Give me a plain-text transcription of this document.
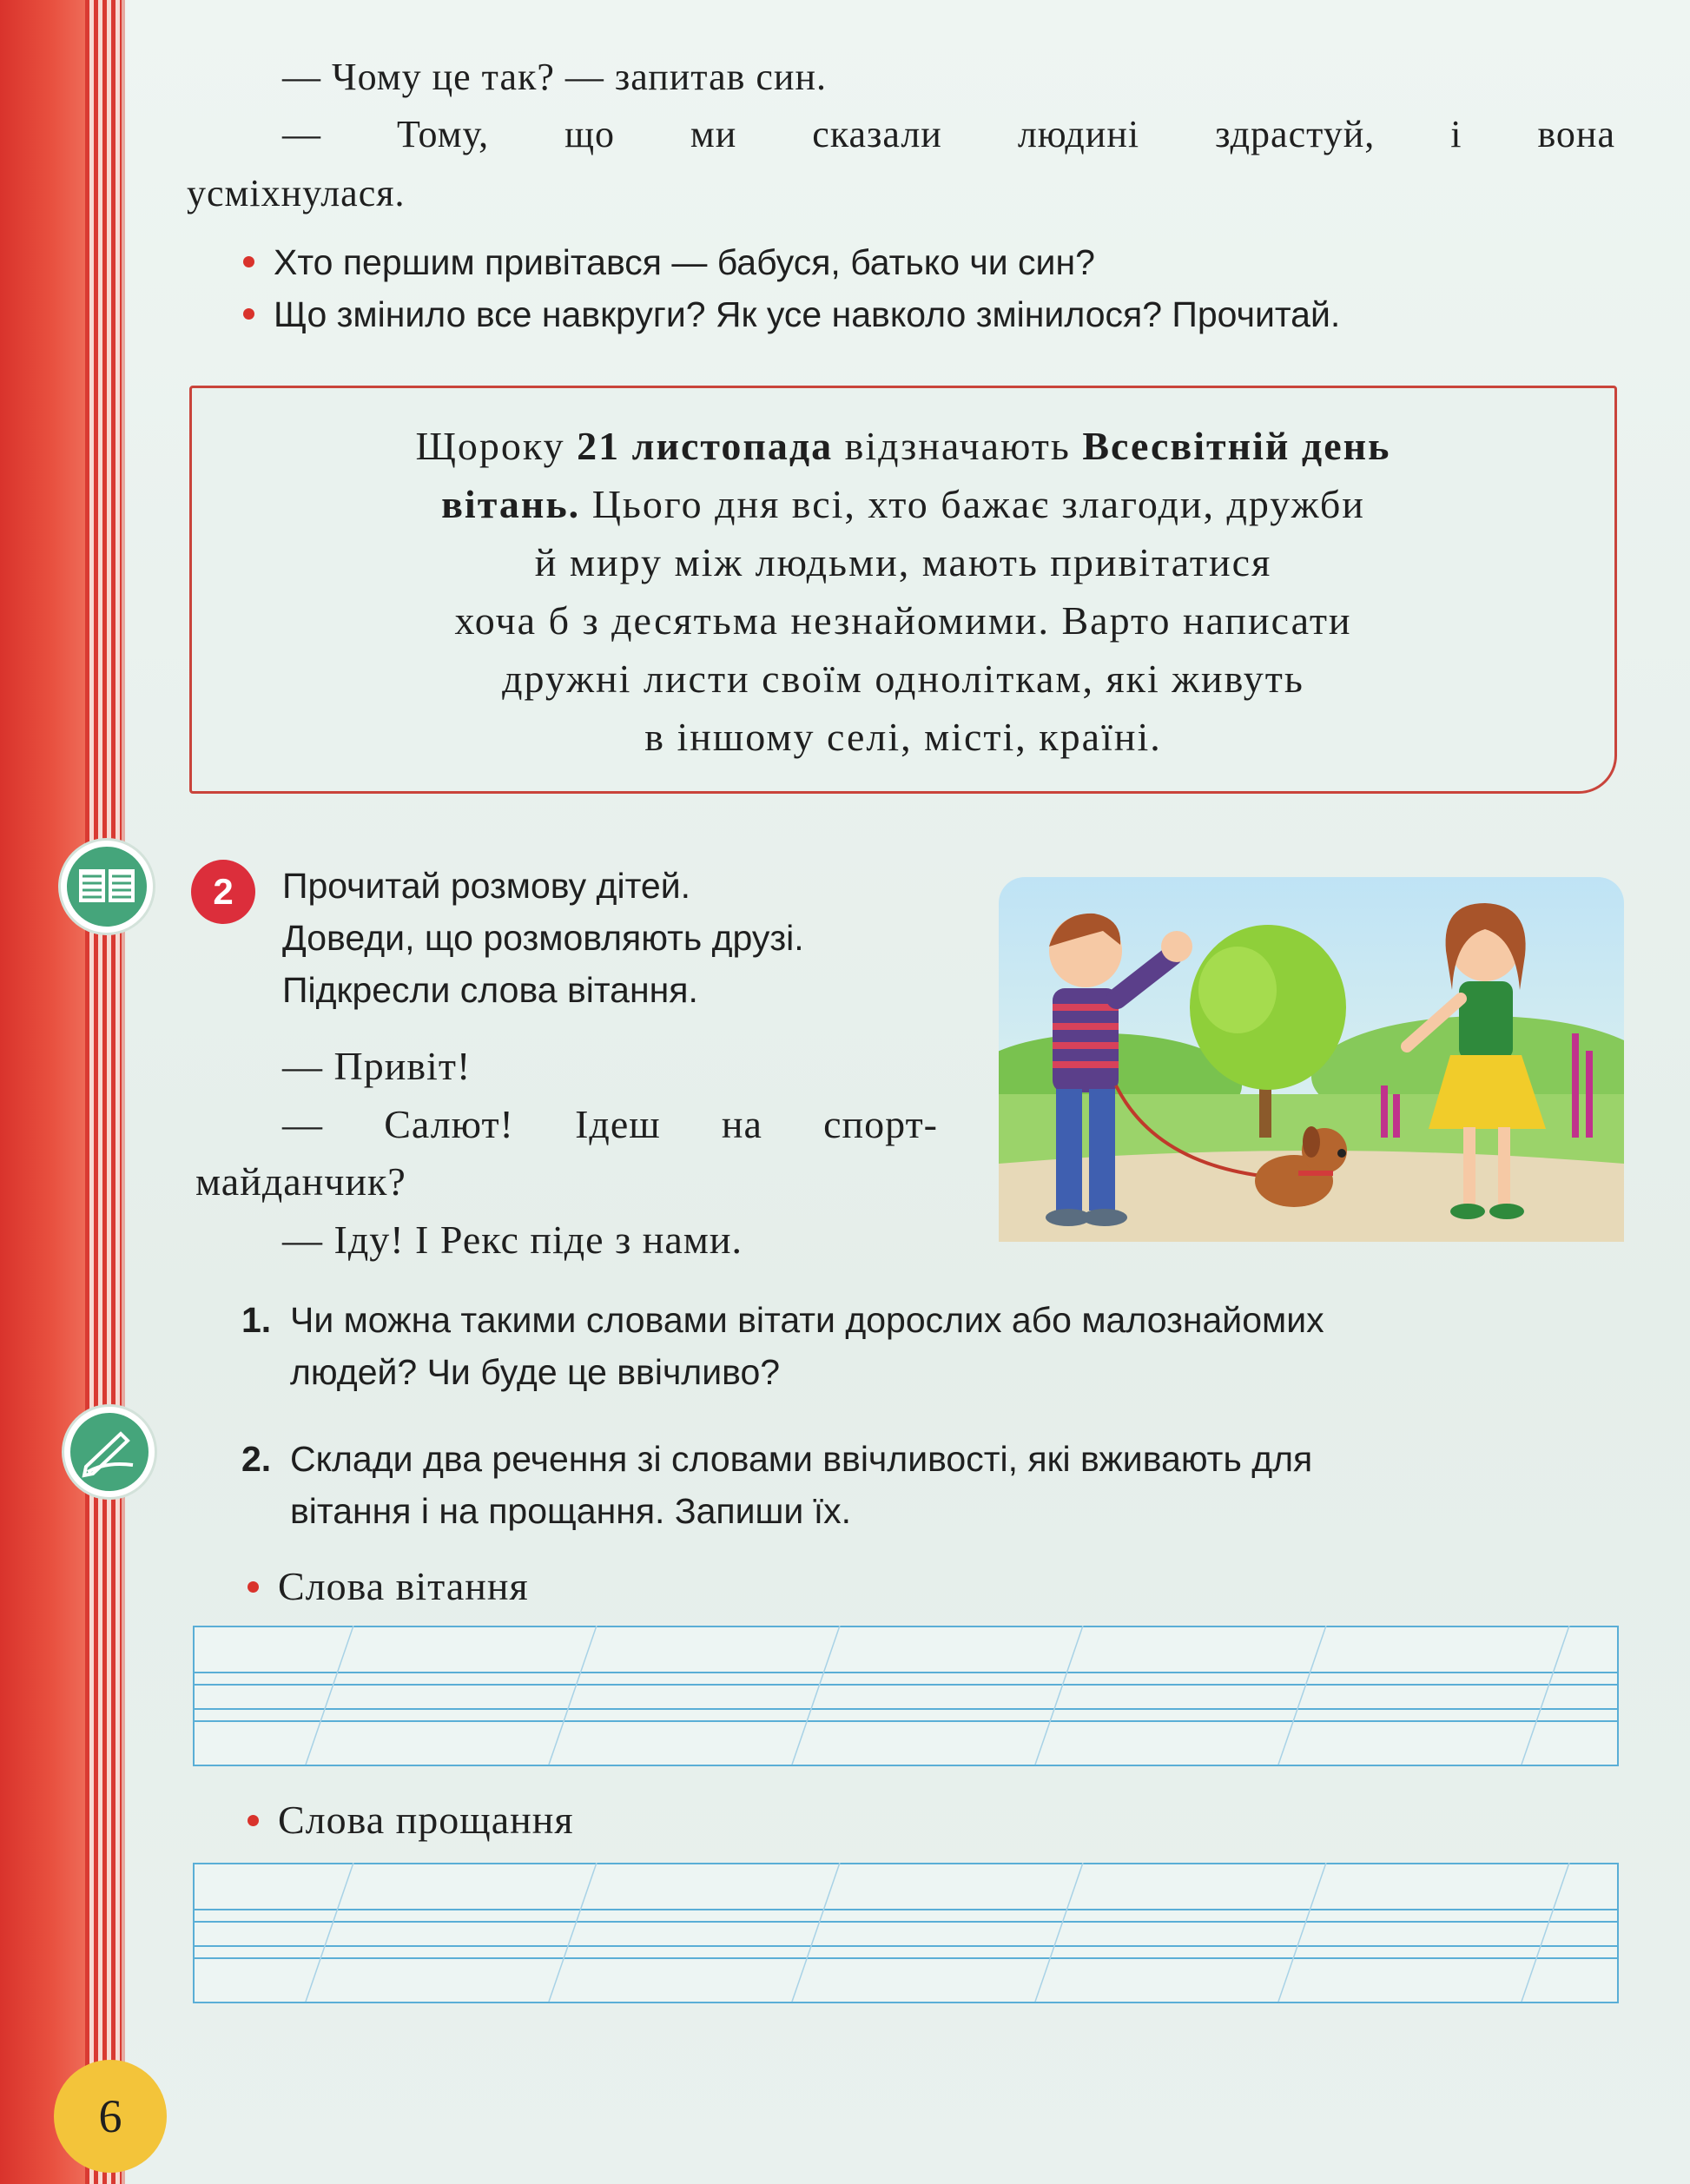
— Чому це так? — запитав син.
— Тому, що ми сказали людині здрастуй, і вона
усміхнулася.
Хто першим привітався — бабуся, батько чи син?
Що змінило все навкруги? Як усе навколо змінилося? Прочитай.
Щороку 21 листопада відзначають Всесвітній день
вітань. Цього дня всі, хто бажає злагоди, дружби
й миру між людьми, мають привітатися
хоча б з десятьма незнайомими. Варто написати
дружні листи своїм одноліткам, які живуть
в іншому селі, місті, країні.
2	Прочитай розмову дітей.
Доведи, що розмовляють друзі.
Підкресли слова вітання.
— Привіт!
— Салют! Ідеш на спорт-
майданчик?
— Іду! І Рекс піде з нами.
1. Чи можна такими словами вітати дорослих або малознайомих
людей? Чи буде це ввічливо?
2. Склади два речення зі словами ввічливості, які вживають для
вітання і на прощання. Запиши їх.
Слова вітання
Слова прощання
6
